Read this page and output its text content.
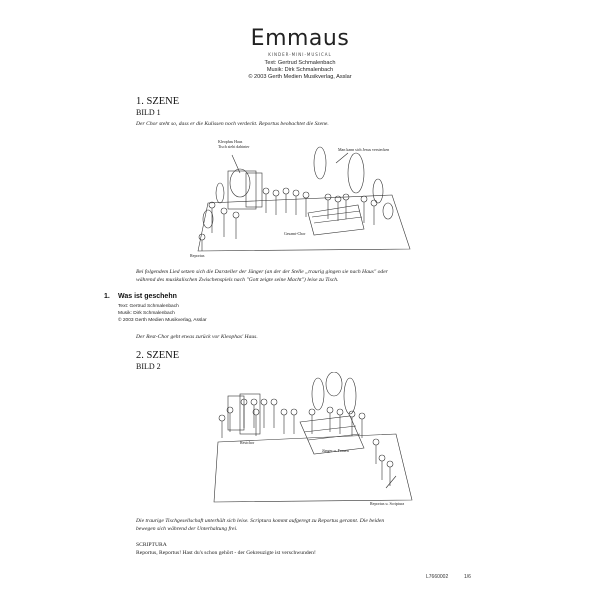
Emmaus
KINDER-MINI-MUSICAL
Text: Gertrud Schmalenbach
Musik: Dirk Schmalenbach
© 2003 Gerth Medien Musikverlag, Asslar
1. SZENE
BILD 1
Der Chor steht so, dass er die Kulissen noch verdeckt. Reportus beobachtet die Szene.
Kleophas Haus
Tisch sieht dahinter
Man kann sich Jesus verstecken
Gesamt-Chor
Reportus
Bei folgendem Lied setzen sich die Darsteller der Jünger (an der der Stelle „traurig gingen sie nach Haus" oder
während des musikalischen Zwischenspiels nach "Gott zeigte seine Macht") leise zu Tisch.
1. Was ist geschehn
Text: Gertrud Schmalenbach
Musik: Dirk Schmalenbach
© 2003 Gerth Medien Musikverlag, Asslar
Der Rest-Chor geht etwas zurück vor Kleophas' Haus.
2. SZENE
BILD 2
Restchor
Jünger u. Frauen
Reportus u. Scriptura
Die traurige Tischgesellschaft unterhält sich leise. Scriptura kommt aufgeregt zu Reportus gerannt. Die beiden
bewegen sich während der Unterhaltung frei.
SCRIPTURA
Reportus, Reportus! Hast du's schon gehört - der Gekreuzigte ist verschwunden!
L7660002	1/6
